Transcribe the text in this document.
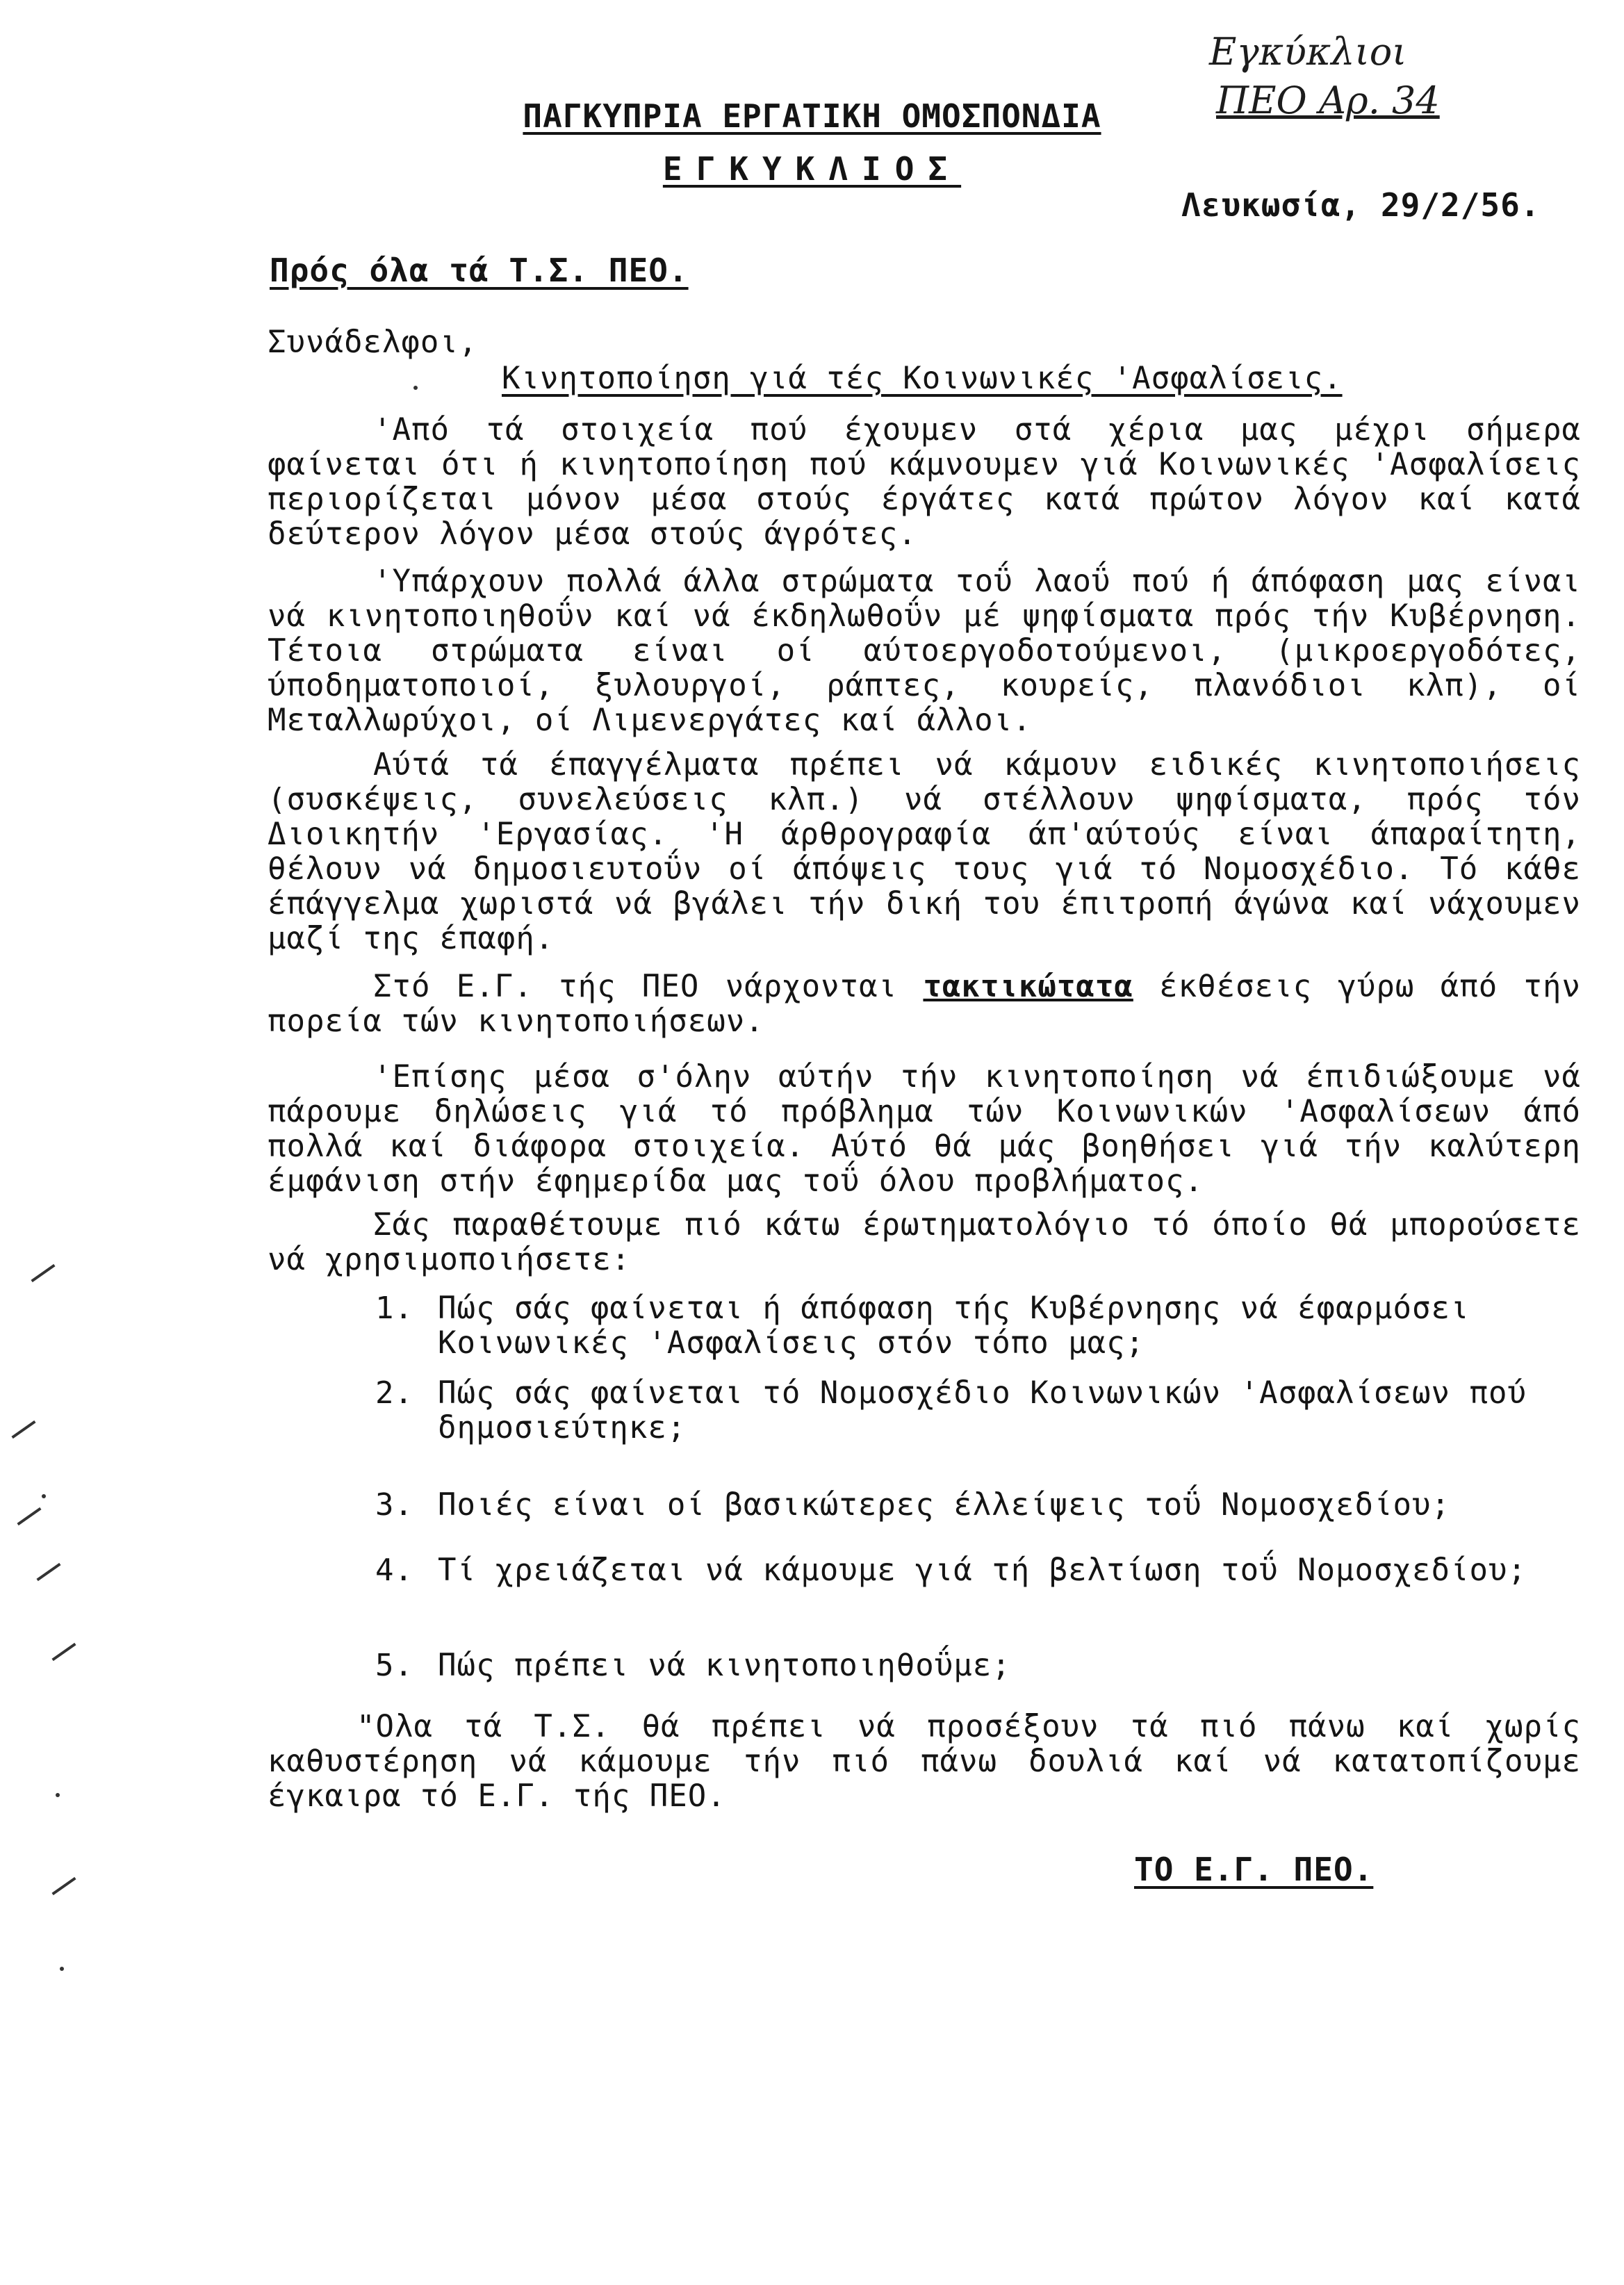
Εγκύκλιοι
ΠΕΟ Αρ. 34
ΠΑΓΚΥΠΡΙΑ ΕΡΓΑΤΙΚΗ ΟΜΟΣΠΟΝΔΙΑ
ΕΓΚΥΚΛΙΟΣ
Λευκωσία, 29/2/56.
Πρός όλα τά Τ.Σ. ΠΕΟ.
Συνάδελφοι,
Κινητοποίηση γιά τές Κοινωνικές 'Ασφαλίσεις.
'Από τά στοιχεία πού έχουμεν στά χέρια μας μέχρι σήμερα φαίνεται ότι ή κινητοποίηση πού κάμνουμεν γιά Κοινωνικές 'Ασφαλίσεις περιορίζεται μόνον μέσα στούς έργάτες κατά πρώτον λόγον καί κατά δεύτερον λόγον μέσα στούς άγρότες.
'Υπάρχουν πολλά άλλα στρώματα τοΰ λαοΰ πού ή άπόφαση μας είναι νά κινητοποιηθοΰν καί νά έκδηλωθοΰν μέ ψηφίσματα πρός τήν Κυβέρνηση. Τέτοια στρώματα είναι οί αύτοεργοδοτούμενοι, (μικροεργοδότες, ύποδηματοποιοί, ξυλουργοί, ράπτες, κουρείς, πλανόδιοι κλπ), οί Μεταλλωρύχοι, οί Λιμενεργάτες καί άλλοι.
Αύτά τά έπαγγέλματα πρέπει νά κάμουν ειδικές κινητοποιήσεις (συσκέψεις, συνελεύσεις κλπ.) νά στέλλουν ψηφίσματα, πρός τόν Διοικητήν 'Εργασίας. 'Η άρθρογραφία άπ'αύτούς είναι άπαραίτητη, θέλουν νά δημοσιευτοΰν οί άπόψεις τους γιά τό Νομοσχέδιο. Τό κάθε έπάγγελμα χωριστά νά βγάλει τήν δική του έπιτροπή άγώνα καί νάχουμεν μαζί της έπαφή.
Στό Ε.Γ. τής ΠΕΟ νάρχονται τακτικώτατα έκθέσεις γύρω άπό τήν πορεία τών κινητοποιήσεων.
'Επίσης μέσα σ'όλην αύτήν τήν κινητοποίηση νά έπιδιώξουμε νά πάρουμε δηλώσεις γιά τό πρόβλημα τών Κοινωνικών 'Ασφαλίσεων άπό πολλά καί διάφορα στοιχεία. Αύτό θά μάς βοηθήσει γιά τήν καλύτερη έμφάνιση στήν έφημερίδα μας τοΰ όλου προβλήματος.
Σάς παραθέτουμε πιό κάτω έρωτηματολόγιο τό όποίο θά μπορούσετε νά χρησιμοποιήσετε:
1. Πώς σάς φαίνεται ή άπόφαση τής Κυβέρνησης νά έφαρμόσει Κοινωνικές 'Ασφαλίσεις στόν τόπο μας;
2. Πώς σάς φαίνεται τό Νομοσχέδιο Κοινωνικών 'Ασφαλίσεων πού δημοσιεύτηκε;
3. Ποιές είναι οί βασικώτερες έλλείψεις τοΰ Νομοσχεδίου;
4. Τί χρειάζεται νά κάμουμε γιά τή βελτίωση τοΰ Νομοσχεδίου;
5. Πώς πρέπει νά κινητοποιηθοΰμε;
"Ολα τά Τ.Σ. θά πρέπει νά προσέξουν τά πιό πάνω καί χωρίς καθυστέρηση νά κάμουμε τήν πιό πάνω δουλιά καί νά κατατοπίζουμε έγκαιρα τό Ε.Γ. τής ΠΕΟ.
ΤΟ Ε.Γ. ΠΕΟ.
